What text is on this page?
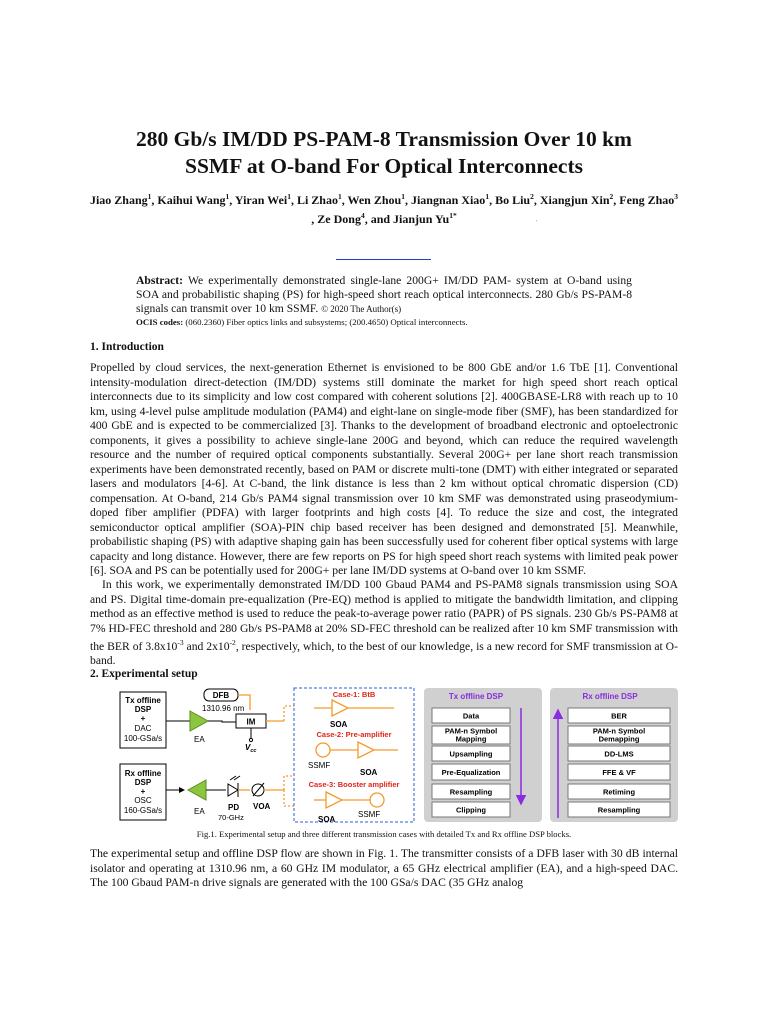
280 Gb/s IM/DD PS-PAM-8 Transmission Over 10 km
SSMF at O-band For Optical Interconnects
Jiao Zhang$^1$, Kaihui Wang$^1$, Yiran Wei$^1$, Li Zhao$^1$, Wen Zhou$^1$, Jiangnan Xiao$^1$, Bo Liu$^2$, Xiangjun Xin$^2$, Feng Zhao$^3$ , Ze Dong$^4$, and Jianjun $Yu^{1*}$
'
Abstract: We experimentally demonstrated single-lane 200G+ IM/DD PAM- system at O-band using SOA and probabilistic shaping (PS) for high-speed short reach optical interconnects. 280 Gb/s PS-PAM-8 signals can transmit over 10 km SSMF. © 2020 The Author(s)
OCIS codes: (060.2360) Fiber optics links and subsystems; (200.4650) Optical interconnects.
1. Introduction

Propelled by cloud services, the next-generation Ethernet is envisioned to be 800 GbE and/or 1.6 TbE [1]. Conventional intensity-modulation direct-detection (IM/DD) systems still dominate the market for high speed short reach optical interconnects due to its simplicity and low cost compared with coherent solutions [2]. 400GBASE-LR8 with reach up to 10 km, using 4-level pulse amplitude modulation (PAM4) and eight-lane on single-mode fiber (SMF), has been standardized for 400 GbE and is expected to be commercialized [3]. Thanks to the development of broadband electronic and optoelectronic components, it gives a possibility to achieve single-lane 200G and beyond, which can reduce the required wavelength resource and the number of required optical components substantially. Several 200G+ per lane short reach transmission experiments have been demonstrated recently, based on PAM or discrete multi-tone (DMT) with either integrated or separated lasers and modulators [4-6]. At C-band, the link distance is less than 2 km without optical chromatic dispersion (CD) compensation. At O-band, 214 Gb/s PAM4 signal transmission over 10 km SMF was demonstrated using praseodymium-doped fiber amplifier (PDFA) with larger footprints and high costs [4]. To reduce the size and cost, the integrated semiconductor optical amplifier (SOA)-PIN chip based receiver has been designed and demonstrated [5]. Meanwhile, probabilistic shaping (PS) with adaptive shaping gain has been successfully used for coherent fiber optical systems with large capacity and long distance. However, there are few reports on PS for high speed short reach systems with limited peak power [6]. SOA and PS can be potentially used for 200G+ per lane IM/DD systems at O-band over 10 km SSMF.

In this work, we experimentally demonstrated IM/DD 100 Gbaud PAM4 and PS-PAM8 signals transmission using SOA and PS. Digital time-domain pre-equalization (Pre-EQ) method is applied to mitigate the bandwidth limitation, and clipping method as an effective method is used to reduce the peak-to-average power ratio (PAPR) of PS signals. 230 Gb/s PS-PAM8 at 7% HD-FEC threshold and 280 Gb/s PS-PAM8 at 20% SD-FEC threshold can be realized after 10 km SMF transmission with the BER of $3.8x10^{-3}$ and $2x10^{-2}$, respectively, which, to the best of our knowledge, is a new record for SMF transmission at O-band.

2. Experimental setup
Tx offline
DSP
+
DAC
100-GSa/s
Rx offline
DSP
+
OSC
160-GSa/s
EA
DFB
1310.96 nm
IM
$V_{cc}$
EA	PD
70-GHz
VOA
Case-1: BtB
SOA
Case-2: Pre-amplifier
SSMF
SOA
Case-3: Booster amplifier
SSMF
SOA
Tx offline DSP
Data
PAM-n Symbol Mapping
Upsampling
Pre-Equalization
Resampling
Clipping
Rx offline DSP
BER
PAM-n Symbol Demapping
DD-LMS
FFE & VF
Retiming
Resampling
Fig.1. Experimental setup and three different transmission cases with detailed Tx and Rx offline DSP blocks.

The experimental setup and offline DSP flow are shown in Fig. 1. The transmitter consists of a DFB laser with 30 dB internal isolator and operating at 1310.96 nm, a 60 GHz IM modulator, a 65 GHz electrical amplifier (EA), and a high-speed DAC. The 100 Gbaud PAM-n drive signals are generated with the 100 GSa/s DAC (35 GHz analog
